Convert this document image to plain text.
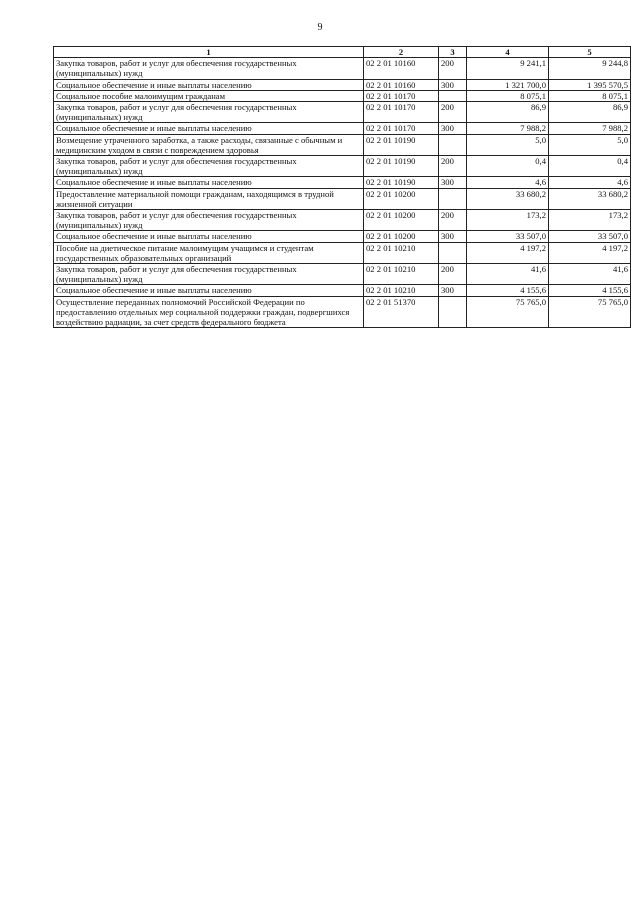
9
1	2	3	4	5
Закупка товаров, работ и услуг для обеспечения государственных (муниципальных) нужд	02 2 01 10160	200	9 241,1	9 244,8
Социальное обеспечение и иные выплаты населению	02 2 01 10160	300	1 321 700,0	1 395 570,5
Социальное пособие малоимущим гражданам	02 2 01 10170		8 075,1	8 075,1
Закупка товаров, работ и услуг для обеспечения государственных (муниципальных) нужд	02 2 01 10170	200	86,9	86,9
Социальное обеспечение и иные выплаты населению	02 2 01 10170	300	7 988,2	7 988,2
Возмещение утраченного заработка, а также расходы, связанные с обычным и медицинским уходом в связи с повреждением здоровья	02 2 01 10190		5,0	5,0
Закупка товаров, работ и услуг для обеспечения государственных (муниципальных) нужд	02 2 01 10190	200	0,4	0,4
Социальное обеспечение и иные выплаты населению	02 2 01 10190	300	4,6	4,6
Предоставление материальной помощи гражданам, находящимся в трудной жизненной ситуации	02 2 01 10200		33 680,2	33 680,2
Закупка товаров, работ и услуг для обеспечения государственных (муниципальных) нужд	02 2 01 10200	200	173,2	173,2
Социальное обеспечение и иные выплаты населению	02 2 01 10200	300	33 507,0	33 507,0
Пособие на диетическое питание малоимущим учащимся и студентам государственных образовательных организаций	02 2 01 10210		4 197,2	4 197,2
Закупка товаров, работ и услуг для обеспечения государственных (муниципальных) нужд	02 2 01 10210	200	41,6	41,6
Социальное обеспечение и иные выплаты населению	02 2 01 10210	300	4 155,6	4 155,6
Осуществление переданных полномочий Российской Федерации по предоставлению отдельных мер социальной поддержки граждан, подвергшихся воздействию радиации, за счет средств федерального бюджета	02 2 01 51370		75 765,0	75 765,0
